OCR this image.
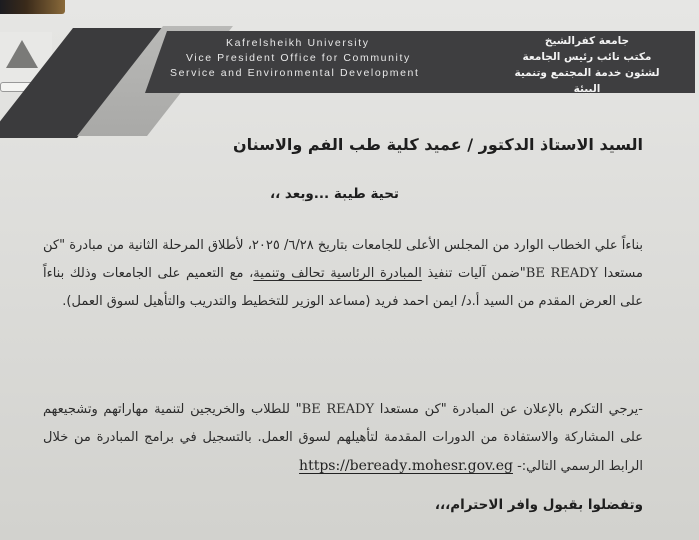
Kafrelsheikh University
Vice President Office for Community
Service and Environmental Development
جامعة كفرالشيخ
مكتب نائب رئيس الجامعة
لشئون خدمة المجتمع وتنمية البيئة
السيد الاستاذ الدكتور / عميد كلية طب الفم والاسنان
تحية طيبة ...وبعد ،،
بناءاً علي الخطاب الوارد من المجلس الأعلى للجامعات بتاريخ ٦/٢٨/ ٢٠٢٥، لأطلاق المرحلة الثانية من مبادرة "كن مستعدا BE READY"ضمن آليات تنفيذ المبادرة الرئاسية تحالف وتنمية، مع التعميم على الجامعات وذلك بناءاً على العرض المقدم من السيد أ.د/ ايمن احمد فريد (مساعد الوزير للتخطيط والتدريب والتأهيل لسوق العمل).
-يرجي التكرم بالإعلان عن المبادرة "كن مستعدا BE READY" للطلاب والخريجين لتنمية مهاراتهم وتشجيعهم على المشاركة والاستفادة من الدورات المقدمة لتأهيلهم لسوق العمل. بالتسجيل في برامج المبادرة من خلال الرابط الرسمي التالي:- https://bereadу.mohesr.gov.eg
وتفضلوا بقبول وافر الاحترام،،،
